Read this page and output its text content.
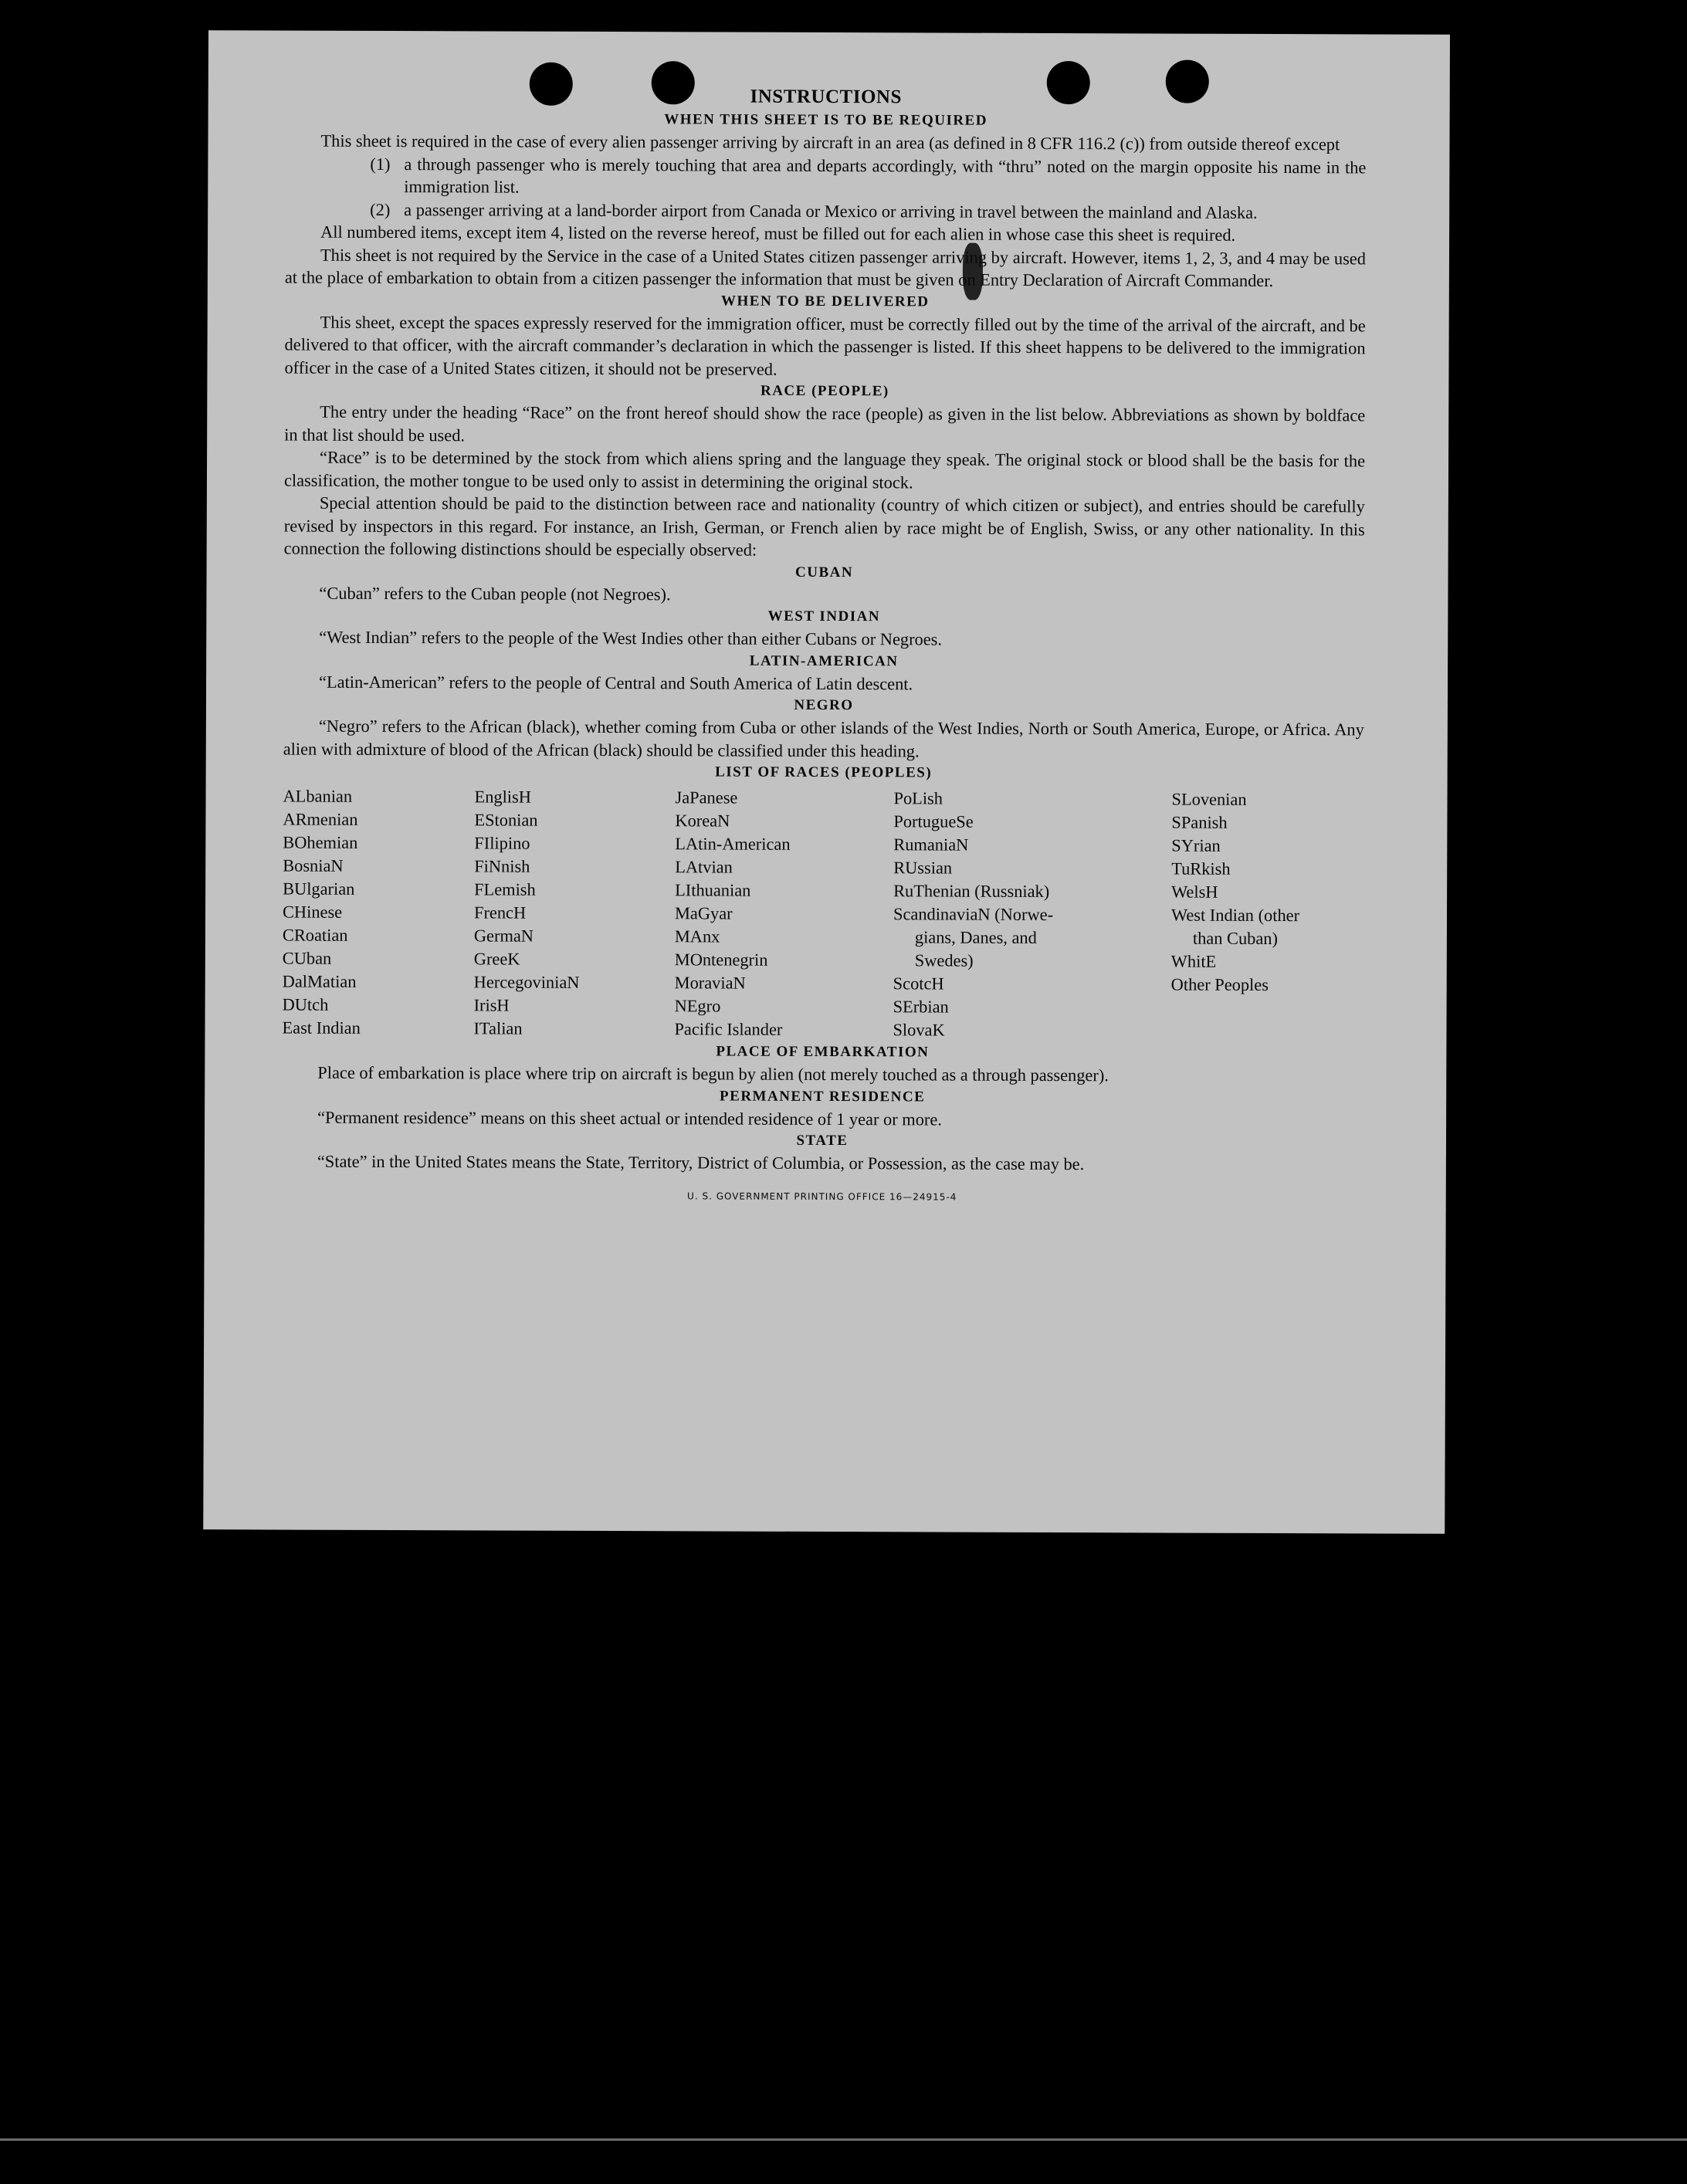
INSTRUCTIONS
WHEN THIS SHEET IS TO BE REQUIRED

This sheet is required in the case of every alien passenger arriving by aircraft in an area (as defined in 8 CFR 116.2 (c)) from outside thereof except

(1) a through passenger who is merely touching that area and departs accordingly, with “thru” noted on the margin opposite his name in the immigration list.
(2) a passenger arriving at a land-border airport from Canada or Mexico or arriving in travel between the mainland and Alaska.

All numbered items, except item 4, listed on the reverse hereof, must be filled out for each alien in whose case this sheet is required.

This sheet is not required by the Service in the case of a United States citizen passenger arriving by aircraft. However, items 1, 2, 3, and 4 may be used at the place of embarkation to obtain from a citizen passenger the information that must be given on Entry Declaration of Aircraft Commander.

WHEN TO BE DELIVERED

This sheet, except the spaces expressly reserved for the immigration officer, must be correctly filled out by the time of the arrival of the aircraft, and be delivered to that officer, with the aircraft commander’s declaration in which the passenger is listed. If this sheet happens to be delivered to the immigration officer in the case of a United States citizen, it should not be preserved.

RACE (PEOPLE)

The entry under the heading “Race” on the front hereof should show the race (people) as given in the list below. Abbreviations as shown by boldface in that list should be used.

“Race” is to be determined by the stock from which aliens spring and the language they speak. The original stock or blood shall be the basis for the classification, the mother tongue to be used only to assist in determining the original stock.

Special attention should be paid to the distinction between race and nationality (country of which citizen or subject), and entries should be carefully revised by inspectors in this regard. For instance, an Irish, German, or French alien by race might be of English, Swiss, or any other nationality. In this connection the following distinctions should be especially observed:

CUBAN

“Cuban” refers to the Cuban people (not Negroes).

WEST INDIAN

“West Indian” refers to the people of the West Indies other than either Cubans or Negroes.

LATIN-AMERICAN

“Latin-American” refers to the people of Central and South America of Latin descent.

NEGRO

“Negro” refers to the African (black), whether coming from Cuba or other islands of the West Indies, North or South America, Europe, or Africa. Any alien with admixture of blood of the African (black) should be classified under this heading.

LIST OF RACES (PEOPLES)
ALbanian
ARmenian
BOhemian
BosniaN
BUlgarian
CHinese
CRoatian
CUban
DalMatian
DUtch
East Indian
EnglisH
EStonian
FIlipino
FiNnish
FLemish
FrencH
GermaN
GreeK
HercegoviniaN
IrisH
ITalian
JaPanese
KoreaN
LAtin-American
LAtvian
LIthuanian
MaGyar
MAnx
MOntenegrin
MoraviaN
NEgro
Pacific Islander
PoLish
PortugueSe
RumaniaN
RUssian
RuThenian (Russniak)
ScandinaviaN (Norwe-
gians, Danes, and
Swedes)
ScotcH
SErbian
SlovaK
SLovenian
SPanish
SYrian
TuRkish
WelsH
West Indian (other
than Cuban)
WhitE
Other Peoples
PLACE OF EMBARKATION

Place of embarkation is place where trip on aircraft is begun by alien (not merely touched as a through passenger).

PERMANENT RESIDENCE

“Permanent residence” means on this sheet actual or intended residence of 1 year or more.

STATE

“State” in the United States means the State, Territory, District of Columbia, or Possession, as the case may be.

U. S. GOVERNMENT PRINTING OFFICE 16—24915-4
